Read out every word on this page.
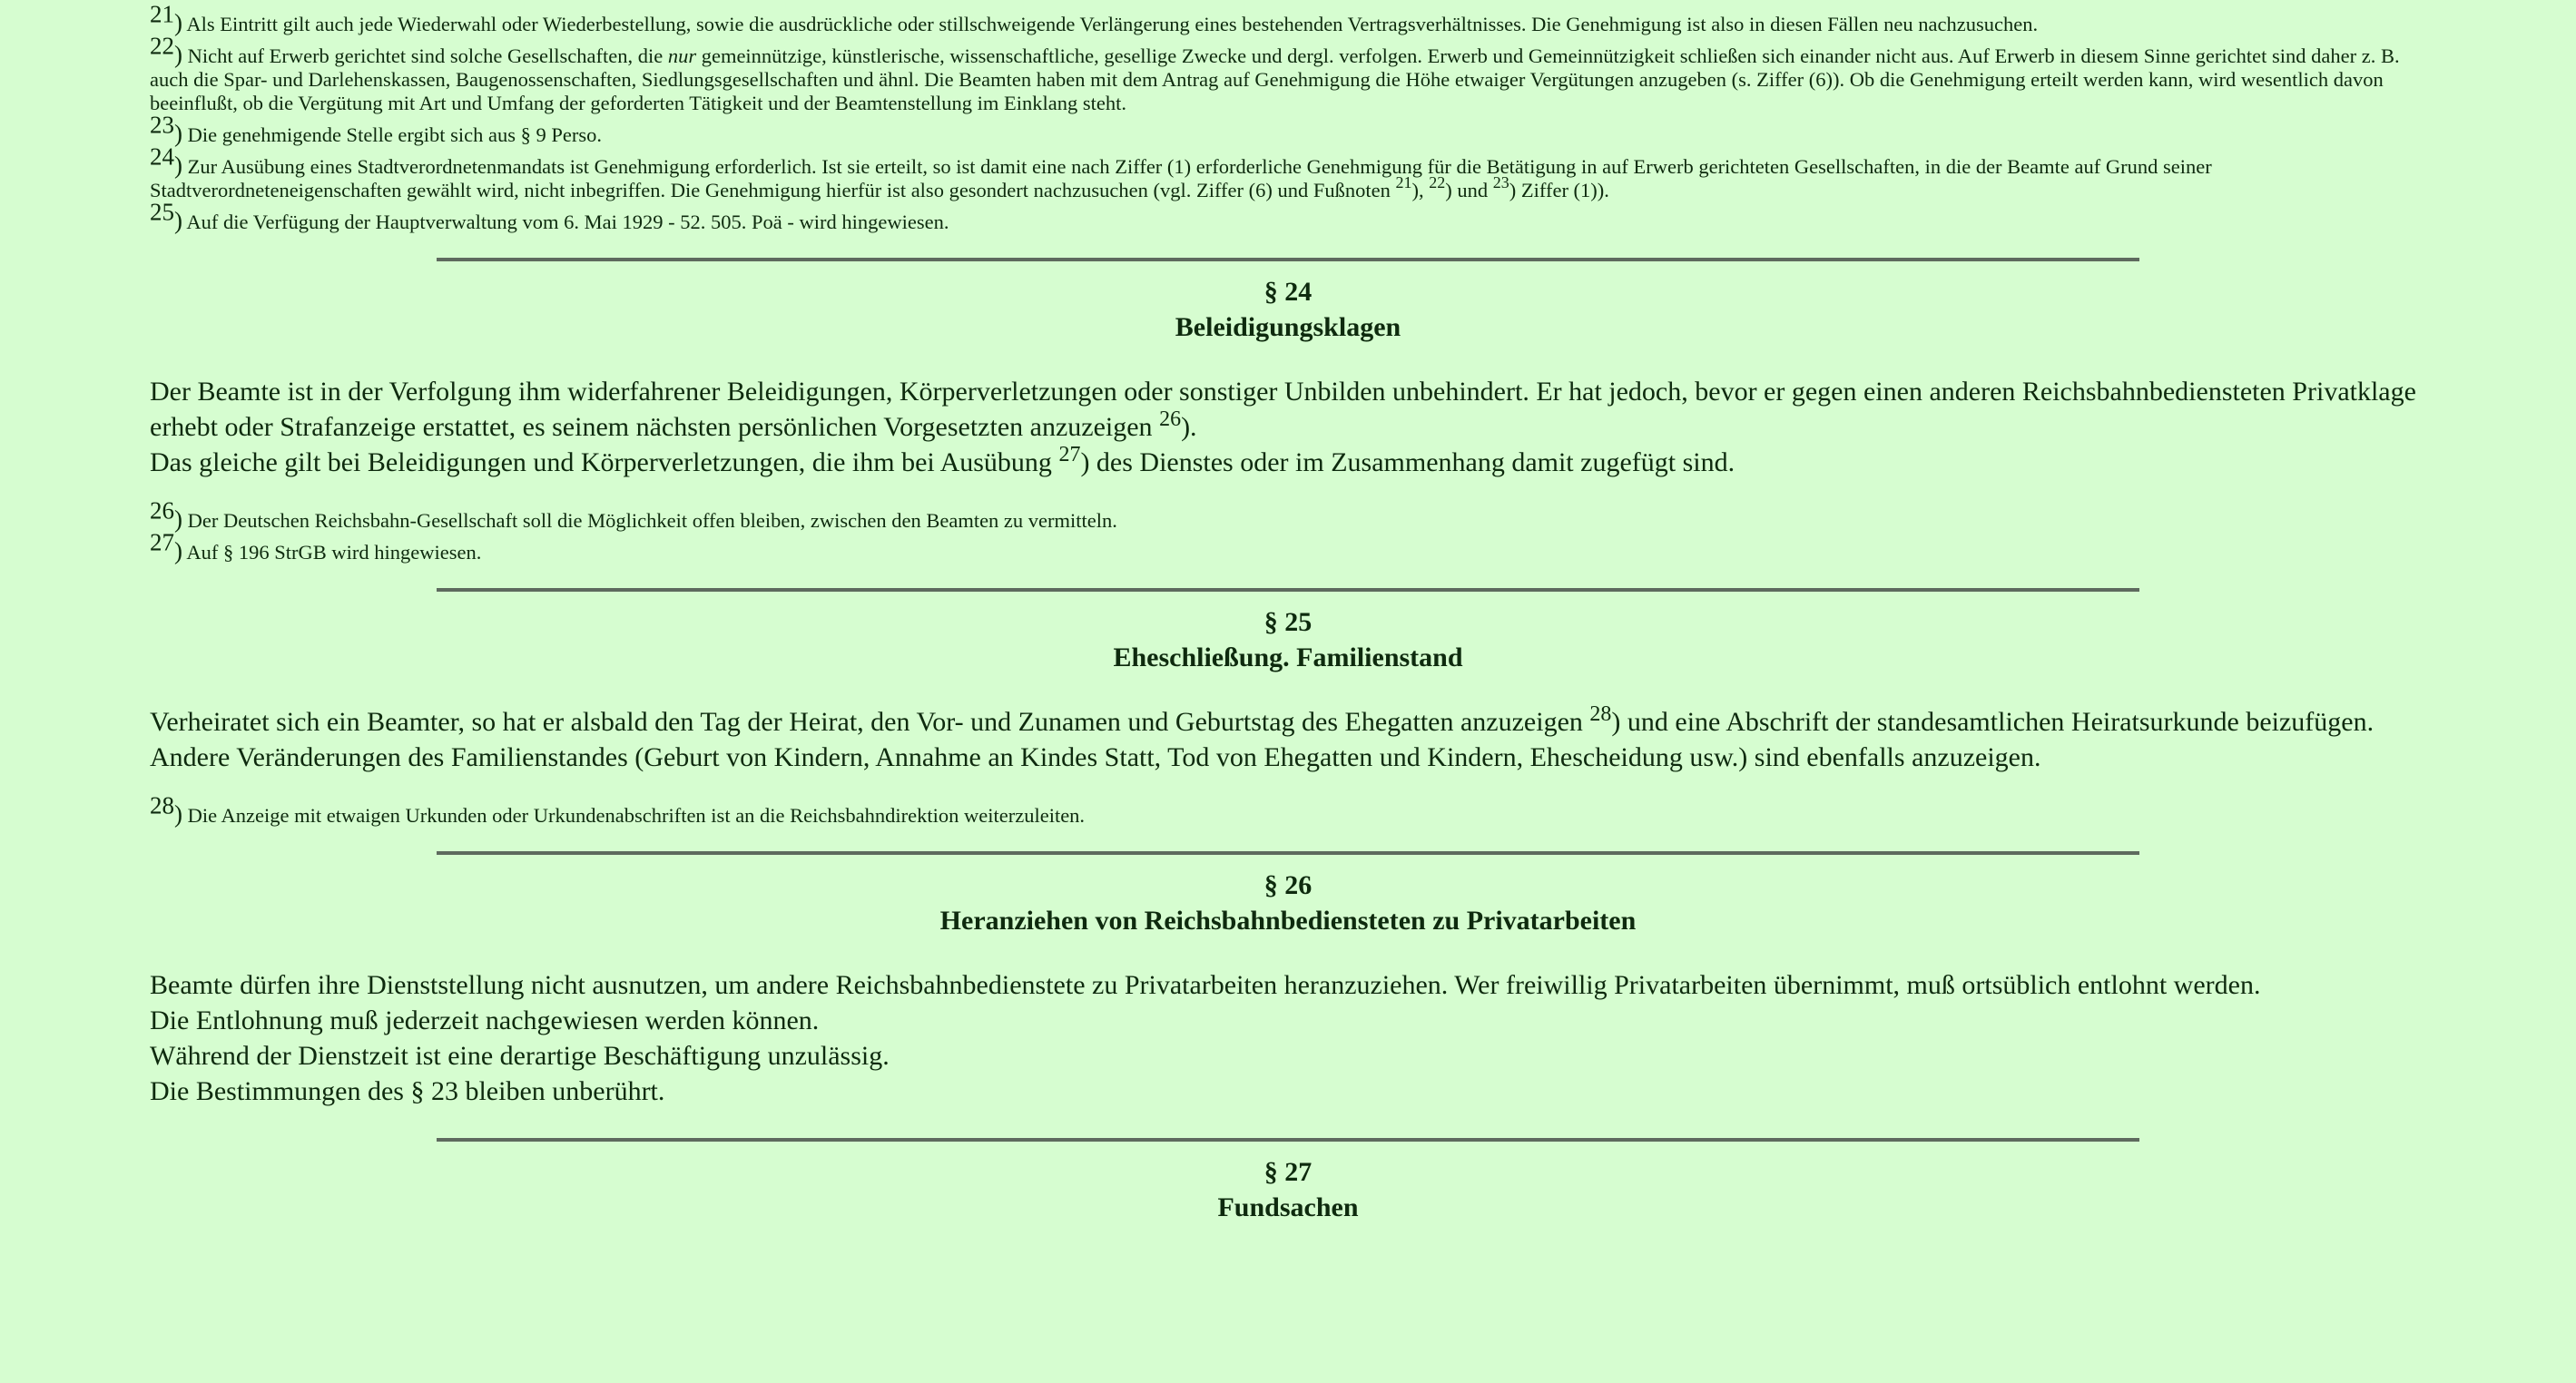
$^{21}$) Als Eintritt gilt auch jede Wiederwahl oder Wiederbestellung, sowie die ausdrückliche oder stillschweigende Verlängerung eines bestehenden Vertragsverhältnisses. Die Genehmigung ist also in diesen Fällen neu nachzusuchen.

$^{22}$) Nicht auf Erwerb gerichtet sind solche Gesellschaften, die nur gemeinnützige, künstlerische, wissenschaftliche, gesellige Zwecke und dergl. verfolgen. Erwerb und Gemeinnützigkeit schließen sich einander nicht aus. Auf Erwerb in diesem Sinne gerichtet sind daher z. B. auch die Spar- und Darlehenskassen, Baugenossenschaften, Siedlungsgesellschaften und ähnl. Die Beamten haben mit dem Antrag auf Genehmigung die Höhe etwaiger Vergütungen anzugeben (s. Ziffer (6)). Ob die Genehmigung erteilt werden kann, wird wesentlich davon beeinflußt, ob die Vergütung mit Art und Umfang der geforderten Tätigkeit und der Beamtenstellung im Einklang steht.

$^{23}$) Die genehmigende Stelle ergibt sich aus § 9 Perso.

$^{24}$) Zur Ausübung eines Stadtverordnetenmandats ist Genehmigung erforderlich. Ist sie erteilt, so ist damit eine nach Ziffer (1) erforderliche Genehmigung für die Betätigung in auf Erwerb gerichteten Gesellschaften, in die der Beamte auf Grund seiner Stadtverordneteneigenschaften gewählt wird, nicht inbegriffen. Die Genehmigung hierfür ist also gesondert nachzusuchen (vgl. Ziffer (6) und Fußnoten $^{21}$), $^{22}$) und $^{23}$) Ziffer (1)).

$^{25}$) Auf die Verfügung der Hauptverwaltung vom 6. Mai 1929 - 52. 505. Poä - wird hingewiesen.

§ 24
Beleidigungsklagen

Der Beamte ist in der Verfolgung ihm widerfahrener Beleidigungen, Körperverletzungen oder sonstiger Unbilden unbehindert. Er hat jedoch, bevor er gegen einen anderen Reichsbahnbediensteten Privatklage erhebt oder Strafanzeige erstattet, es seinem nächsten persönlichen Vorgesetzten anzuzeigen $^{26}$).

Das gleiche gilt bei Beleidigungen und Körperverletzungen, die ihm bei Ausübung $^{27}$) des Dienstes oder im Zusammenhang damit zugefügt sind.

$^{26}$) Der Deutschen Reichsbahn-Gesellschaft soll die Möglichkeit offen bleiben, zwischen den Beamten zu vermitteln.

$^{27}$) Auf § 196 StrGB wird hingewiesen.

§ 25
Eheschließung. Familienstand

Verheiratet sich ein Beamter, so hat er alsbald den Tag der Heirat, den Vor- und Zunamen und Geburtstag des Ehegatten anzuzeigen $^{28}$) und eine Abschrift der standesamtlichen Heiratsurkunde beizufügen.

Andere Veränderungen des Familienstandes (Geburt von Kindern, Annahme an Kindes Statt, Tod von Ehegatten und Kindern, Ehescheidung usw.) sind ebenfalls anzuzeigen.

$^{28}$) Die Anzeige mit etwaigen Urkunden oder Urkundenabschriften ist an die Reichsbahndirektion weiterzuleiten.

§ 26
Heranziehen von Reichsbahnbediensteten zu Privatarbeiten

Beamte dürfen ihre Dienststellung nicht ausnutzen, um andere Reichsbahnbedienstete zu Privatarbeiten heranzuziehen. Wer freiwillig Privatarbeiten übernimmt, muß ortsüblich entlohnt werden.

Die Entlohnung muß jederzeit nachgewiesen werden können.

Während der Dienstzeit ist eine derartige Beschäftigung unzulässig.

Die Bestimmungen des § 23 bleiben unberührt.

§ 27
Fundsachen
